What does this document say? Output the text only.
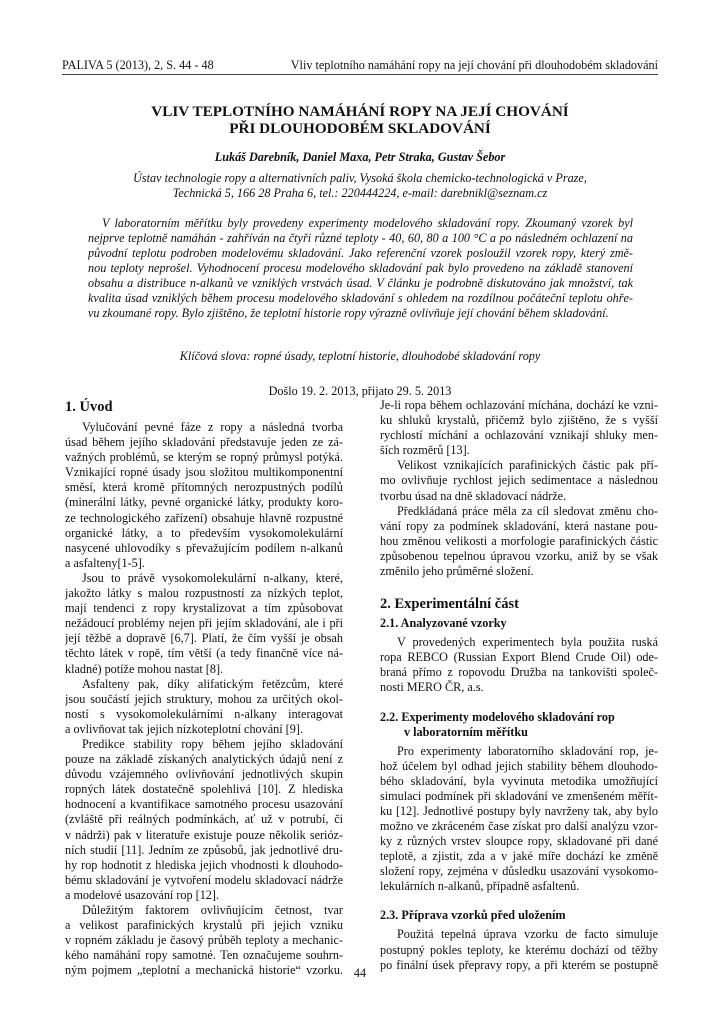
PALIVA 5 (2013), 2, S. 44 - 48	Vliv teplotního namáhání ropy na její chování při dlouhodobém skladování
VLIV TEPLOTNÍHO NAMÁHÁNÍ ROPY NA JEJÍ CHOVÁNÍ
PŘI DLOUHODOBÉM SKLADOVÁNÍ
Lukáš Darebník, Daniel Maxa, Petr Straka, Gustav Šebor
Ústav technologie ropy a alternativních paliv, Vysoká škola chemicko-technologická v Praze,
Technická 5, 166 28 Praha 6, tel.: 220444224, e-mail: darebnikl@seznam.cz
V laboratorním měřítku byly provedeny experimenty modelového skladování ropy. Zkoumaný vzorek byl
nejprve teplotně namáhán - zahříván na čtyři různé teploty - 40, 60, 80 a 100 °C a po následném ochlazení na
původní teplotu podroben modelovému skladování. Jako referenční vzorek posloužil vzorek ropy, který změ-
nou teploty neprošel. Vyhodnocení procesu modelového skladování pak bylo provedeno na základě stanovení
obsahu a distribuce n-alkanů ve vzniklých vrstvách úsad. V článku je podrobně diskutováno jak množství, tak
kvalita úsad vzniklých během procesu modelového skladování s ohledem na rozdílnou počáteční teplotu ohře-
vu zkoumané ropy. Bylo zjištěno, že teplotní historie ropy výrazně ovlivňuje její chování během skladování.
Klíčová slova: ropné úsady, teplotní historie, dlouhodobé skladování ropy
Došlo 19. 2. 2013, přijato 29. 5. 2013
1. Úvod
Vylučování pevné fáze z ropy a následná tvorba
úsad během jejího skladování představuje jeden ze zá-
važných problémů, se kterým se ropný průmysl potýká.
Vznikající ropné úsady jsou složitou multikomponentní
směsí, která kromě přítomných nerozpustných podílů
(minerální látky, pevné organické látky, produkty koro-
ze technologického zařízení) obsahuje hlavně rozpustné
organické látky, a to především vysokomolekulární
nasycené uhlovodíky s převažujícím podílem n-alkanů
a asfalteny[1-5].
Jsou to právě vysokomolekulární n-alkany, které,
jakožto látky s malou rozpustností za nízkých teplot,
mají tendenci z ropy krystalizovat a tím způsobovat
nežádoucí problémy nejen při jejím skladování, ale i při
její těžbě a dopravě [6,7]. Platí, že čím vyšší je obsah
těchto látek v ropě, tím větší (a tedy finančně více ná-
kladné) potíže mohou nastat [8].
Asfalteny pak, díky alifatickým řetězcům, které
jsou součástí jejich struktury, mohou za určitých okol-
ností s vysokomolekulárními n-alkany interagovat
a ovlivňovat tak jejich nízkoteplotní chování [9].
Predikce stability ropy během jejího skladování
pouze na základě získaných analytických údajů není z
důvodu vzájemného ovlivňování jednotlivých skupin
ropných látek dostatečně spolehlivá [10]. Z hlediska
hodnocení a kvantifikace samotného procesu usazování
(zvláště při reálných podmínkách, ať už v potrubí, či
v nádrži) pak v literatuře existuje pouze několik serióz-
ních studií [11]. Jedním ze způsobů, jak jednotlivé dru-
hy rop hodnotit z hlediska jejich vhodnosti k dlouhodo-
bému skladování je vytvoření modelu skladovací nádrže
a modelové usazování rop [12].
Důležitým faktorem ovlivňujícím četnost, tvar
a velikost parafinických krystalů při jejich vzniku
v ropném základu je časový průběh teploty a mechanic-
kého namáhání ropy samotné. Ten označujeme souhrn-
ným pojmem „teplotní a mechanická historie“ vzorku.
Je-li ropa během ochlazování míchána, dochází ke vzni-
ku shluků krystalů, přičemž bylo zjištěno, že s vyšší
rychlostí míchání a ochlazování vznikají shluky men-
ších rozměrů [13].
Velikost vznikajících parafinických částic pak pří-
mo ovlivňuje rychlost jejich sedimentace a následnou
tvorbu úsad na dně skladovací nádrže.
Předkládaná práce měla za cíl sledovat změnu cho-
vání ropy za podmínek skladování, která nastane pou-
hou změnou velikosti a morfologie parafinických částic
způsobenou tepelnou úpravou vzorku, aniž by se však
změnilo jeho průměrné složení.
2. Experimentální část
2.1. Analyzované vzorky
V provedených experimentech byla použita ruská
ropa REBCO (Russian Export Blend Crude Oil) ode-
braná přímo z ropovodu Družba na tankovišti společ-
nosti MERO ČR, a.s.
2.2. Experimenty modelového skladování rop
v laboratorním měřítku
Pro experimenty laboratorního skladování rop, je-
hož účelem byl odhad jejich stability během dlouhodo-
bého skladování, byla vyvinuta metodika umožňující
simulaci podmínek při skladování ve zmenšeném měřít-
ku [12]. Jednotlivé postupy byly navrženy tak, aby bylo
možno ve zkráceném čase získat pro další analýzu vzor-
ky z různých vrstev sloupce ropy, skladované při dané
teplotě, a zjistit, zda a v jaké míře dochází ke změně
složení ropy, zejména v důsledku usazování vysokomo-
lekulárních n-alkanů, případně asfaltenů.
2.3. Příprava vzorků před uložením
Použitá tepelná úprava vzorku de facto simuluje
postupný pokles teploty, ke kterému dochází od těžby
po finální úsek přepravy ropy, a při kterém se postupně
44
